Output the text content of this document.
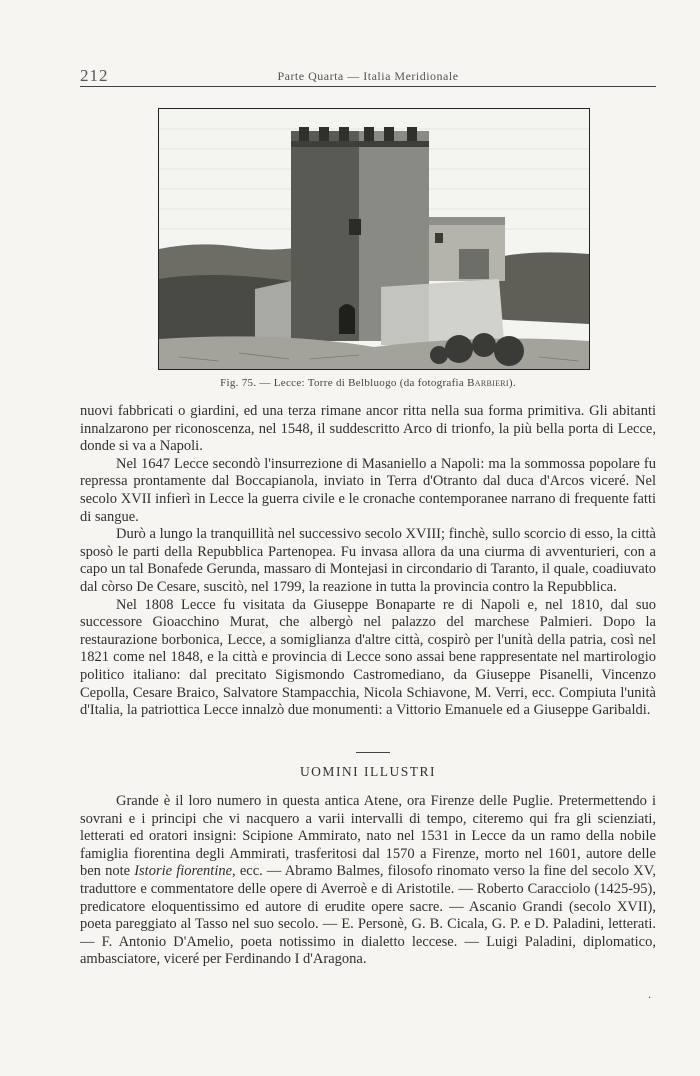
212	Parte Quarta — Italia Meridionale
Fig. 75. — Lecce: Torre di Belbluogo (da fotografia Barbieri).

nuovi fabbricati o giardini, ed una terza rimane ancor ritta nella sua forma primitiva. Gli abitanti innalzarono per riconoscenza, nel 1548, il suddescritto Arco di trionfo, la più bella porta di Lecce, donde si va a Napoli.

Nel 1647 Lecce secondò l'insurrezione di Masaniello a Napoli: ma la sommossa popolare fu repressa prontamente dal Boccapianola, inviato in Terra d'Otranto dal duca d'Arcos viceré. Nel secolo XVII infierì in Lecce la guerra civile e le cronache contemporanee narrano di frequente fatti di sangue.

Durò a lungo la tranquillità nel successivo secolo XVIII; finchè, sullo scorcio di esso, la città sposò le parti della Repubblica Partenopea. Fu invasa allora da una ciurma di avventurieri, con a capo un tal Bonafede Gerunda, massaro di Montejasi in circondario di Taranto, il quale, coadiuvato dal còrso De Cesare, suscitò, nel 1799, la reazione in tutta la provincia contro la Repubblica.

Nel 1808 Lecce fu visitata da Giuseppe Bonaparte re di Napoli e, nel 1810, dal suo successore Gioacchino Murat, che albergò nel palazzo del marchese Palmieri. Dopo la restaurazione borbonica, Lecce, a somiglianza d'altre città, cospirò per l'unità della patria, così nel 1821 come nel 1848, e la città e provincia di Lecce sono assai bene rappresentate nel martirologio politico italiano: dal precitato Sigismondo Castromediano, da Giuseppe Pisanelli, Vincenzo Cepolla, Cesare Braico, Salvatore Stampacchia, Nicola Schiavone, M. Verri, ecc. Compiuta l'unità d'Italia, la patriottica Lecce innalzò due monumenti: a Vittorio Emanuele ed a Giuseppe Garibaldi.

UOMINI ILLUSTRI

Grande è il loro numero in questa antica Atene, ora Firenze delle Puglie. Pretermettendo i sovrani e i principi che vi nacquero a varii intervalli di tempo, citeremo qui fra gli scienziati, letterati ed oratori insigni: Scipione Ammirato, nato nel 1531 in Lecce da un ramo della nobile famiglia fiorentina degli Ammirati, trasferitosi dal 1570 a Firenze, morto nel 1601, autore delle ben note Istorie fiorentine, ecc. — Abramo Balmes, filosofo rinomato verso la fine del secolo XV, traduttore e commentatore delle opere di Averroè e di Aristotile. — Roberto Caracciolo (1425-95), predicatore eloquentissimo ed autore di erudite opere sacre. — Ascanio Grandi (secolo XVII), poeta pareggiato al Tasso nel suo secolo. — E. Personè, G. B. Cicala, G. P. e D. Paladini, letterati. — F. Antonio D'Amelio, poeta notissimo in dialetto leccese. — Luigi Paladini, diplomatico, ambasciatore, viceré per Ferdinando I d'Aragona.

·
